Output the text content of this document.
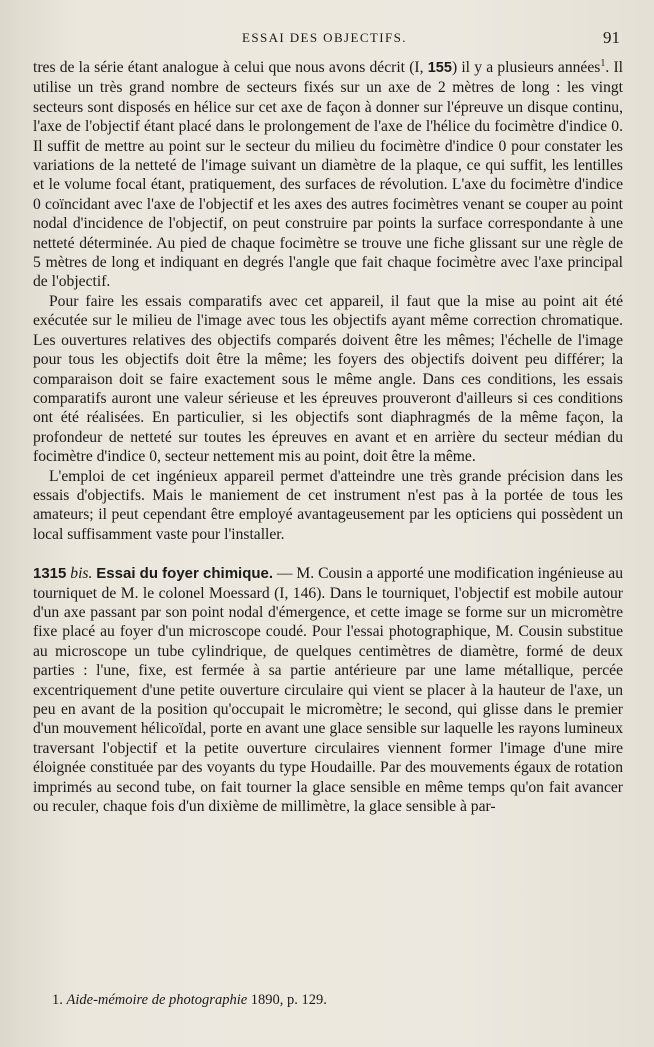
ESSAI DES OBJECTIFS.	91

tres de la série étant analogue à celui que nous avons décrit (I, 155) il y a plusieurs années$^1$. Il utilise un très grand nombre de secteurs fixés sur un axe de 2 mètres de long : les vingt secteurs sont disposés en hélice sur cet axe de façon à donner sur l'épreuve un disque continu, l'axe de l'objectif étant placé dans le prolongement de l'axe de l'hélice du focimètre d'indice 0. Il suffit de mettre au point sur le secteur du milieu du focimètre d'indice 0 pour constater les variations de la netteté de l'image suivant un diamètre de la plaque, ce qui suffit, les lentilles et le volume focal étant, pratiquement, des surfaces de révolution. L'axe du focimètre d'indice 0 coïncidant avec l'axe de l'objectif et les axes des autres focimètres venant se couper au point nodal d'incidence de l'objectif, on peut construire par points la surface correspondante à une netteté déterminée. Au pied de chaque focimètre se trouve une fiche glissant sur une règle de 5 mètres de long et indiquant en degrés l'angle que fait chaque focimètre avec l'axe principal de l'objectif.

Pour faire les essais comparatifs avec cet appareil, il faut que la mise au point ait été exécutée sur le milieu de l'image avec tous les objectifs ayant même correction chromatique. Les ouvertures relatives des objectifs comparés doivent être les mêmes; l'échelle de l'image pour tous les objectifs doit être la même; les foyers des objectifs doivent peu différer; la comparaison doit se faire exactement sous le même angle. Dans ces conditions, les essais comparatifs auront une valeur sérieuse et les épreuves prouveront d'ailleurs si ces conditions ont été réalisées. En particulier, si les objectifs sont diaphragmés de la même façon, la profondeur de netteté sur toutes les épreuves en avant et en arrière du secteur médian du focimètre d'indice 0, secteur nettement mis au point, doit être la même.

L'emploi de cet ingénieux appareil permet d'atteindre une très grande précision dans les essais d'objectifs. Mais le maniement de cet instrument n'est pas à la portée de tous les amateurs; il peut cependant être employé avantageusement par les opticiens qui possèdent un local suffisamment vaste pour l'installer.

1315 bis. Essai du foyer chimique. — M. Cousin a apporté une modification ingénieuse au tourniquet de M. le colonel Moessard (I, 146). Dans le tourniquet, l'objectif est mobile autour d'un axe passant par son point nodal d'émergence, et cette image se forme sur un micromètre fixe placé au foyer d'un microscope coudé. Pour l'essai photographique, M. Cousin substitue au microscope un tube cylindrique, de quelques centimètres de diamètre, formé de deux parties : l'une, fixe, est fermée à sa partie antérieure par une lame métallique, percée excentriquement d'une petite ouverture circulaire qui vient se placer à la hauteur de l'axe, un peu en avant de la position qu'occupait le micromètre; le second, qui glisse dans le premier d'un mouvement hélicoïdal, porte en avant une glace sensible sur laquelle les rayons lumineux traversant l'objectif et la petite ouverture circulaires viennent former l'image d'une mire éloignée constituée par des voyants du type Houdaille. Par des mouvements égaux de rotation imprimés au second tube, on fait tourner la glace sensible en même temps qu'on fait avancer ou reculer, chaque fois d'un dixième de millimètre, la glace sensible à par-

1. Aide-mémoire de photographie 1890, p. 129.
